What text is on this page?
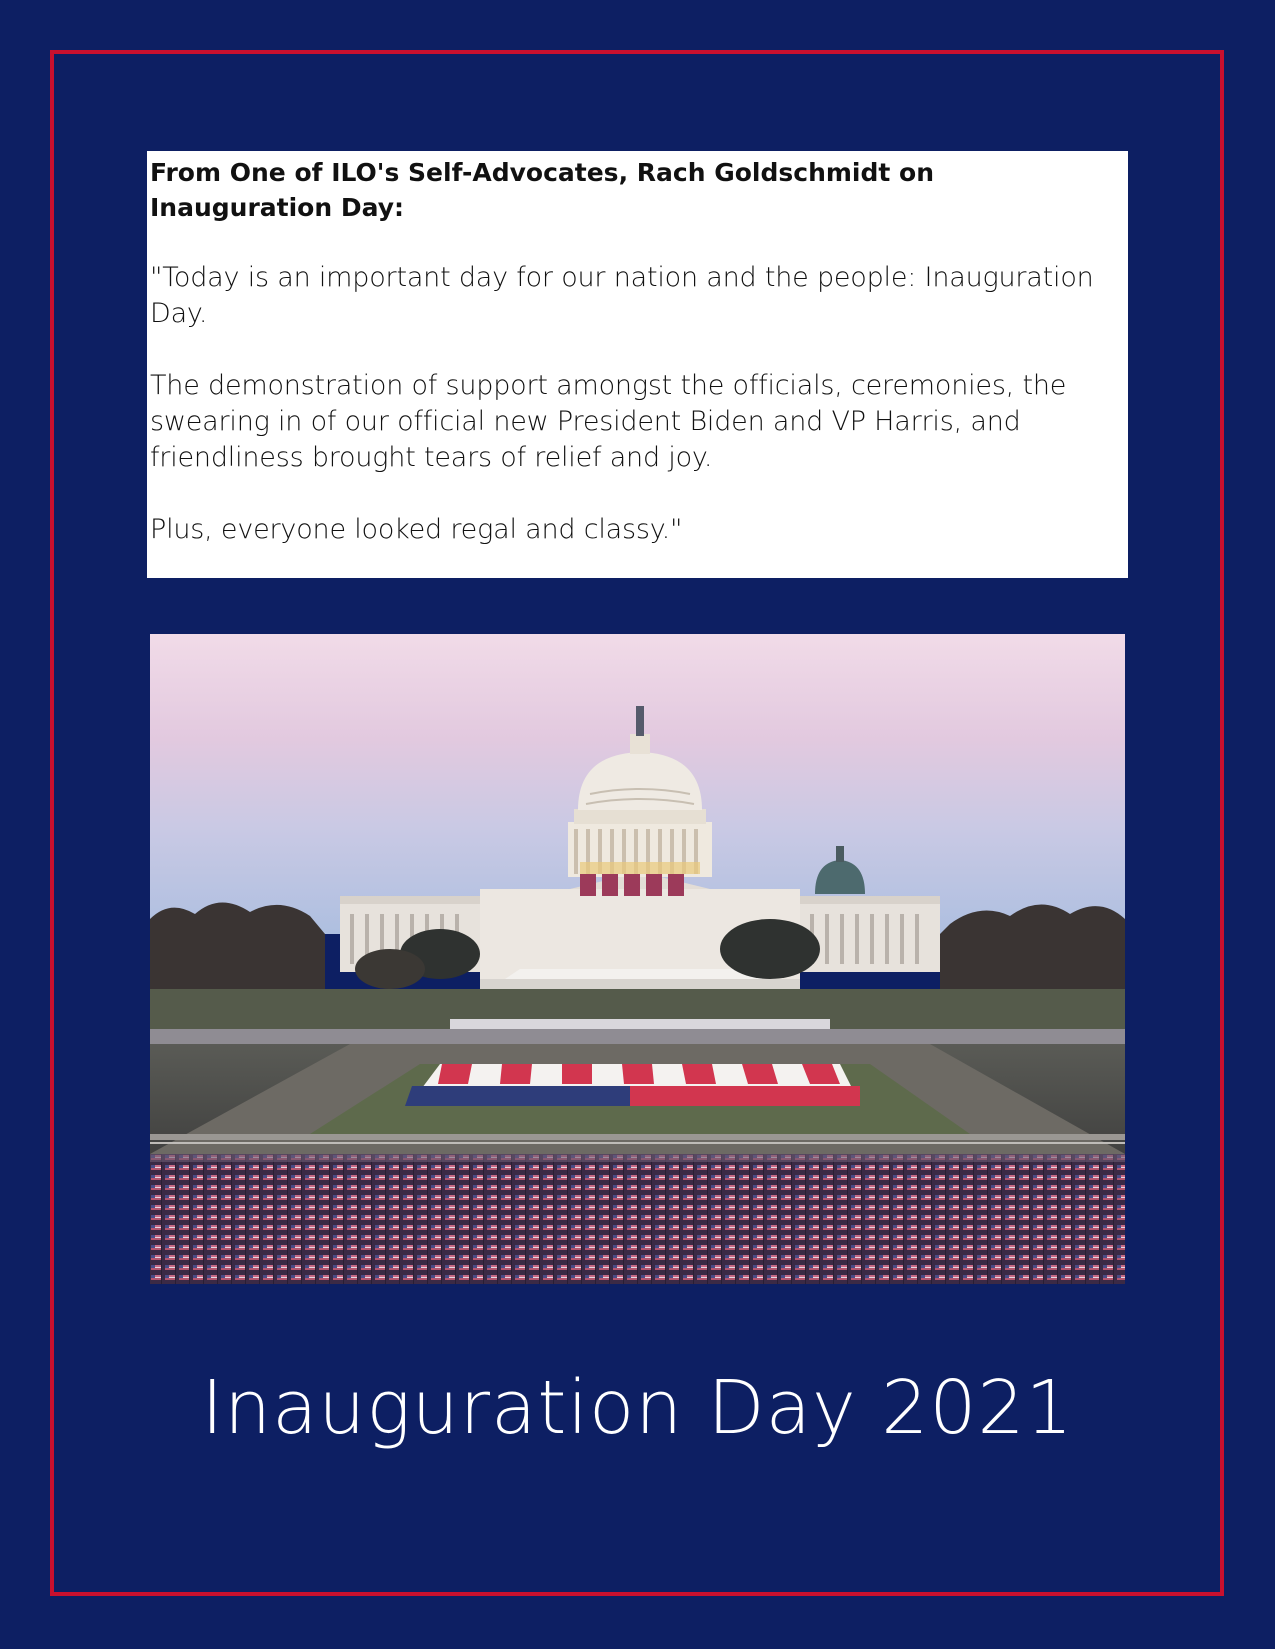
From One of ILO's Self-Advocates, Rach Goldschmidt on Inauguration Day:
"Today is an important day for our nation and the people: Inauguration Day.
The demonstration of support amongst the officials, ceremonies, the swearing in of our official new President Biden and VP Harris, and friendliness brought tears of relief and joy.
Plus, everyone looked regal and classy."
Inauguration Day 2021
